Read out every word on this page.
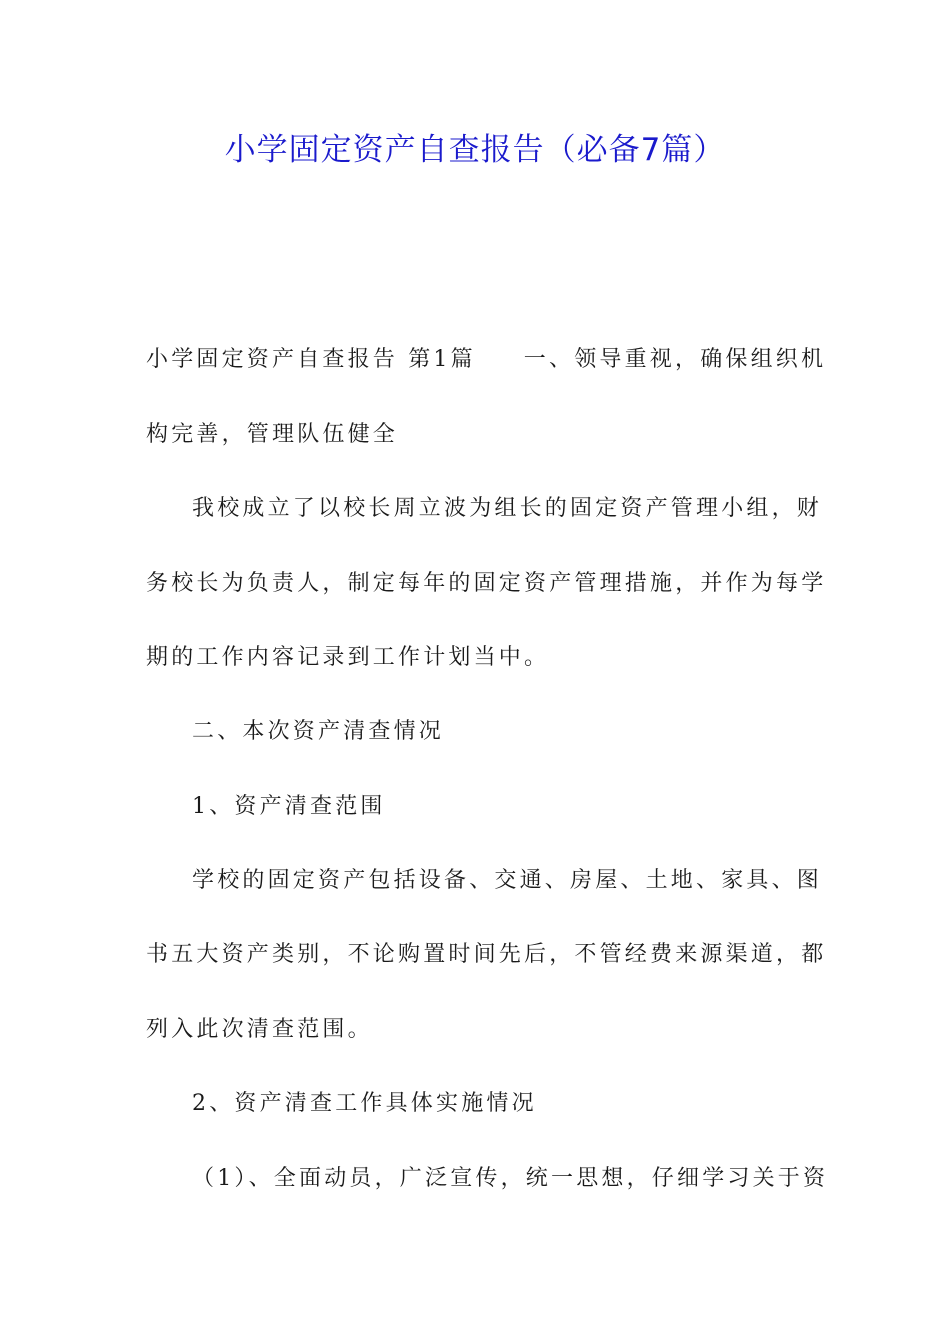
小学固定资产自查报告（必备7篇）
小学固定资产自查报告 第1篇 一、领导重视，确保组织机
构完善，管理队伍健全
我校成立了以校长周立波为组长的固定资产管理小组，财
务校长为负责人，制定每年的固定资产管理措施，并作为每学
期的工作内容记录到工作计划当中。
二、本次资产清查情况
1、资产清查范围
学校的固定资产包括设备、交通、房屋、土地、家具、图
书五大资产类别，不论购置时间先后，不管经费来源渠道，都
列入此次清查范围。
2、资产清查工作具体实施情况
（1）、全面动员，广泛宣传，统一思想，仔细学习关于资
